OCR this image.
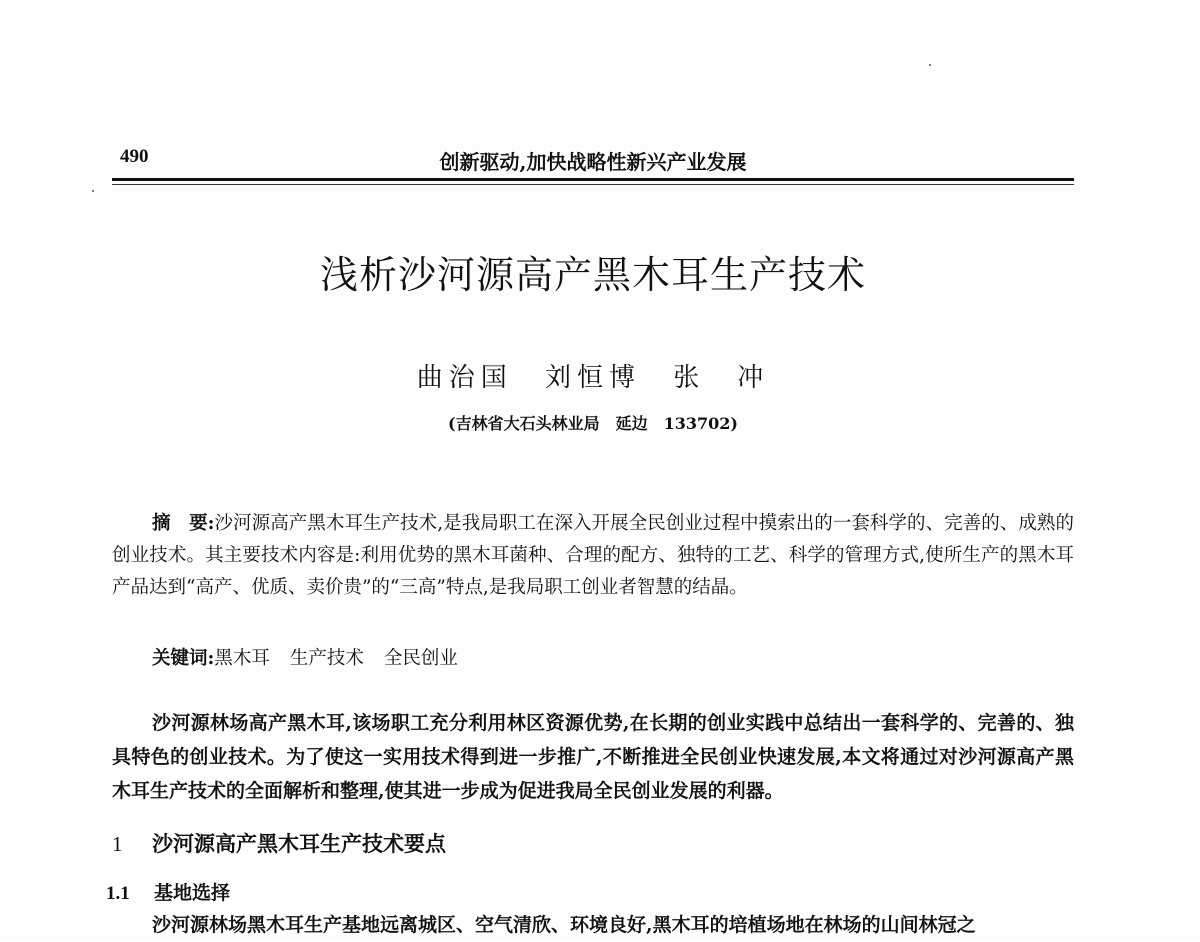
490	创新驱动,加快战略性新兴产业发展
浅析沙河源高产黑木耳生产技术
曲治国 刘恒博 张　冲
(吉林省大石头林业局　延边　133702)

摘　要:沙河源高产黑木耳生产技术,是我局职工在深入开展全民创业过程中摸索出的一套科学的、完善的、成熟的创业技术。其主要技术内容是:利用优势的黑木耳菌种、合理的配方、独特的工艺、科学的管理方式,使所生产的黑木耳产品达到“高产、优质、卖价贵”的“三高”特点,是我局职工创业者智慧的结晶。

关键词:黑木耳 生产技术 全民创业

沙河源林场高产黑木耳,该场职工充分利用林区资源优势,在长期的创业实践中总结出一套科学的、完善的、独具特色的创业技术。为了使这一实用技术得到进一步推广,不断推进全民创业快速发展,本文将通过对沙河源高产黑木耳生产技术的全面解析和整理,使其进一步成为促进我局全民创业发展的利器。

1 沙河源高产黑木耳生产技术要点
1.1 基地选择

沙河源林场黑木耳生产基地远离城区、空气清欣、环境良好,黑木耳的培植场地在林场的山间林冠之
